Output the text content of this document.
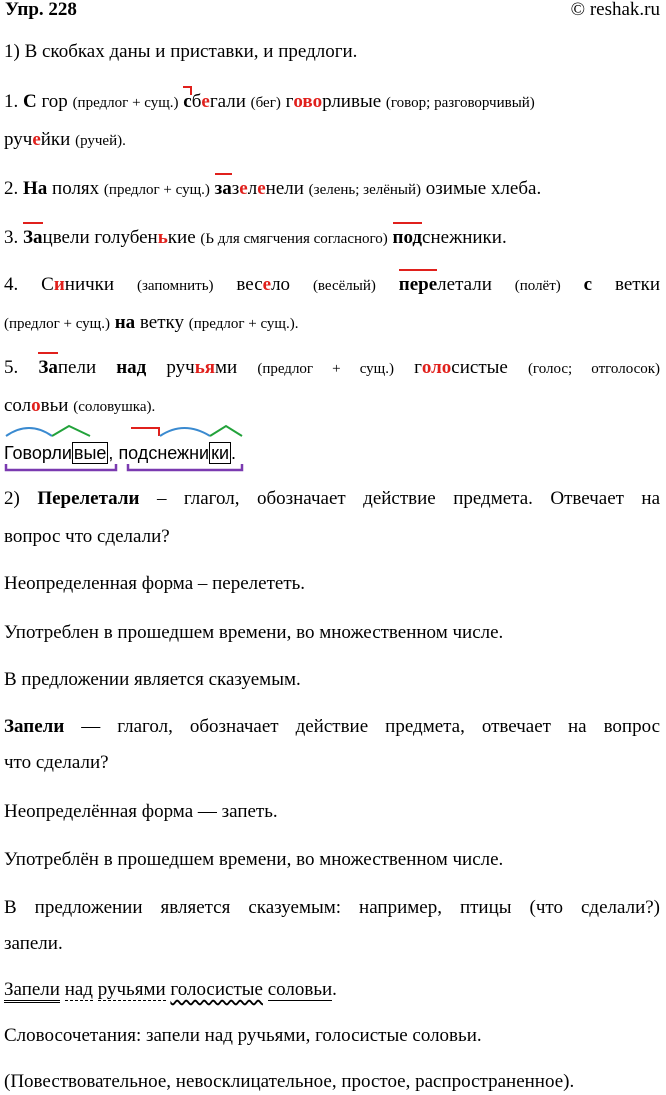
Упр. 228	© reshak.ru
1) В скобках даны и приставки, и предлоги.
1. С гор (предлог + сущ.) сбегали (бег) говорливые (говор; разговорчивый)
ручейки (ручей).
2. На полях (предлог + сущ.) зазеленели (зелень; зелёный) озимые хлеба.
3. Зацвели голубенькие (Ь для смягчения согласного) подснежники.
4. Синички (запомнить) весело (весёлый) перелетали (полёт) с ветки
(предлог + сущ.) на ветку (предлог + сущ.).
5. Запели над ручьями (предлог + сущ.) голосистые (голос; отголосок)
соловьи (соловушка).
Говорли вые , подснежни ки .
2) Перелетали – глагол, обозначает действие предмета. Отвечает на
вопрос что сделали?
Неопределенная форма – перелететь.
Употреблен в прошедшем времени, во множественном числе.
В предложении является сказуемым.
Запели — глагол, обозначает действие предмета, отвечает на вопрос
что сделали?
Неопределённая форма — запеть.
Употреблён в прошедшем времени, во множественном числе.
В предложении является сказуемым: например, птицы (что сделали?)
запели.
Запели над ручьями голосистые соловьи.
Словосочетания: запели над ручьями, голосистые соловьи.
(Повествовательное, невосклицательное, простое, распространенное).
